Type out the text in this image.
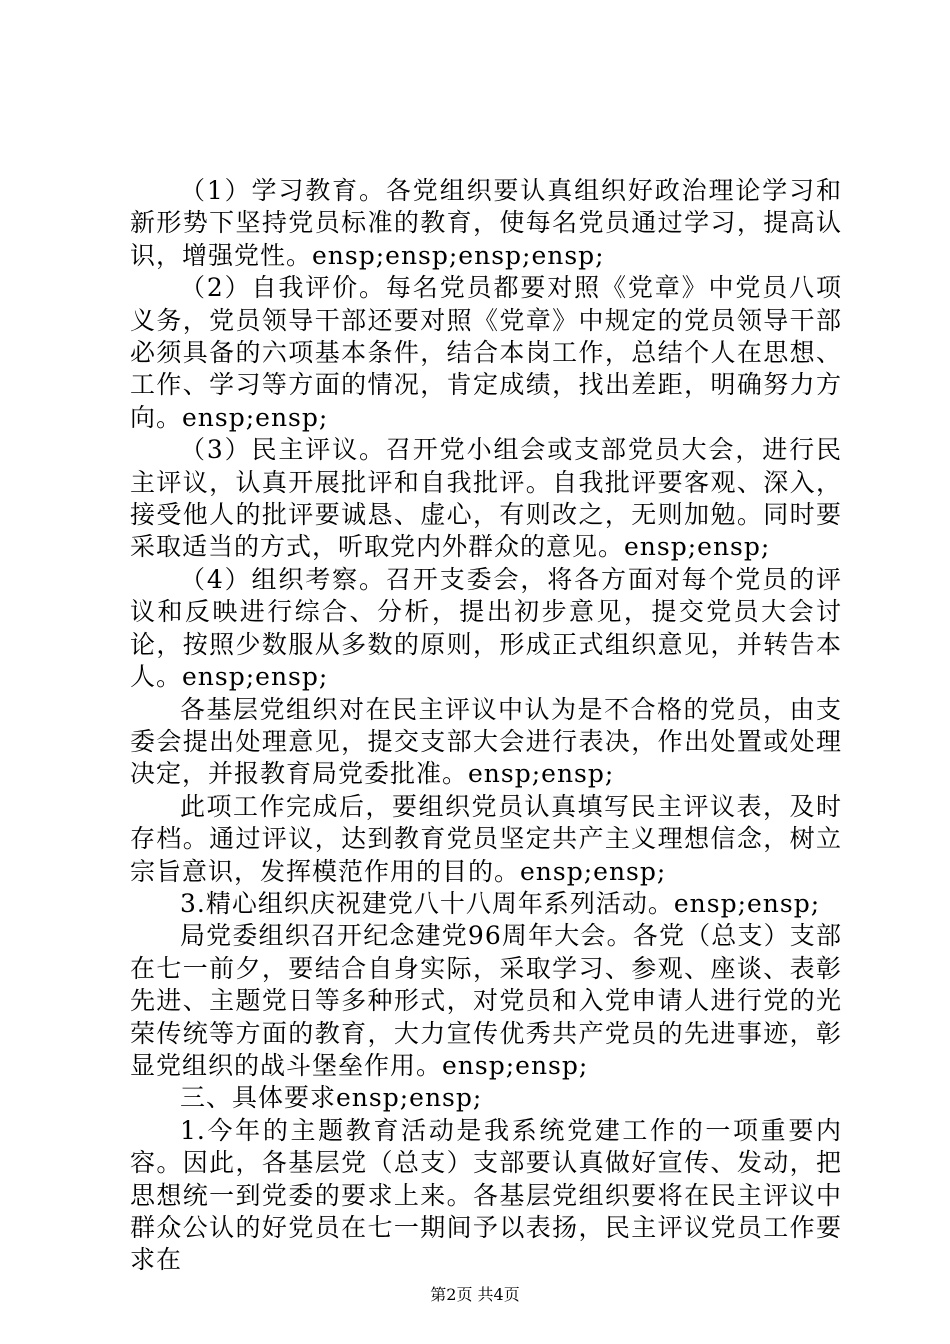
（1）学习教育。各党组织要认真组织好政治理论学习和新形势下坚持党员标准的教育，使每名党员通过学习，提高认识，增强党性。ensp;ensp;ensp;ensp;

（2）自我评价。每名党员都要对照《党章》中党员八项义务，党员领导干部还要对照《党章》中规定的党员领导干部必须具备的六项基本条件，结合本岗工作，总结个人在思想、工作、学习等方面的情况，肯定成绩，找出差距，明确努力方向。ensp;ensp;

（3）民主评议。召开党小组会或支部党员大会，进行民主评议，认真开展批评和自我批评。自我批评要客观、深入，接受他人的批评要诚恳、虚心，有则改之，无则加勉。同时要采取适当的方式，听取党内外群众的意见。ensp;ensp;

（4）组织考察。召开支委会，将各方面对每个党员的评议和反映进行综合、分析，提出初步意见，提交党员大会讨论，按照少数服从多数的原则，形成正式组织意见，并转告本人。ensp;ensp;

各基层党组织对在民主评议中认为是不合格的党员，由支委会提出处理意见，提交支部大会进行表决，作出处置或处理决定，并报教育局党委批准。ensp;ensp;

此项工作完成后，要组织党员认真填写民主评议表，及时存档。通过评议，达到教育党员坚定共产主义理想信念，树立宗旨意识，发挥模范作用的目的。ensp;ensp;

3.精心组织庆祝建党八十八周年系列活动。ensp;ensp;

局党委组织召开纪念建党96周年大会。各党（总支）支部在七一前夕，要结合自身实际，采取学习、参观、座谈、表彰先进、主题党日等多种形式，对党员和入党申请人进行党的光荣传统等方面的教育，大力宣传优秀共产党员的先进事迹，彰显党组织的战斗堡垒作用。ensp;ensp;

三、具体要求ensp;ensp;

1.今年的主题教育活动是我系统党建工作的一项重要内容。因此，各基层党（总支）支部要认真做好宣传、发动，把思想统一到党委的要求上来。各基层党组织要将在民主评议中群众公认的好党员在七一期间予以表扬，民主评议党员工作要求在

第2页 共4页
